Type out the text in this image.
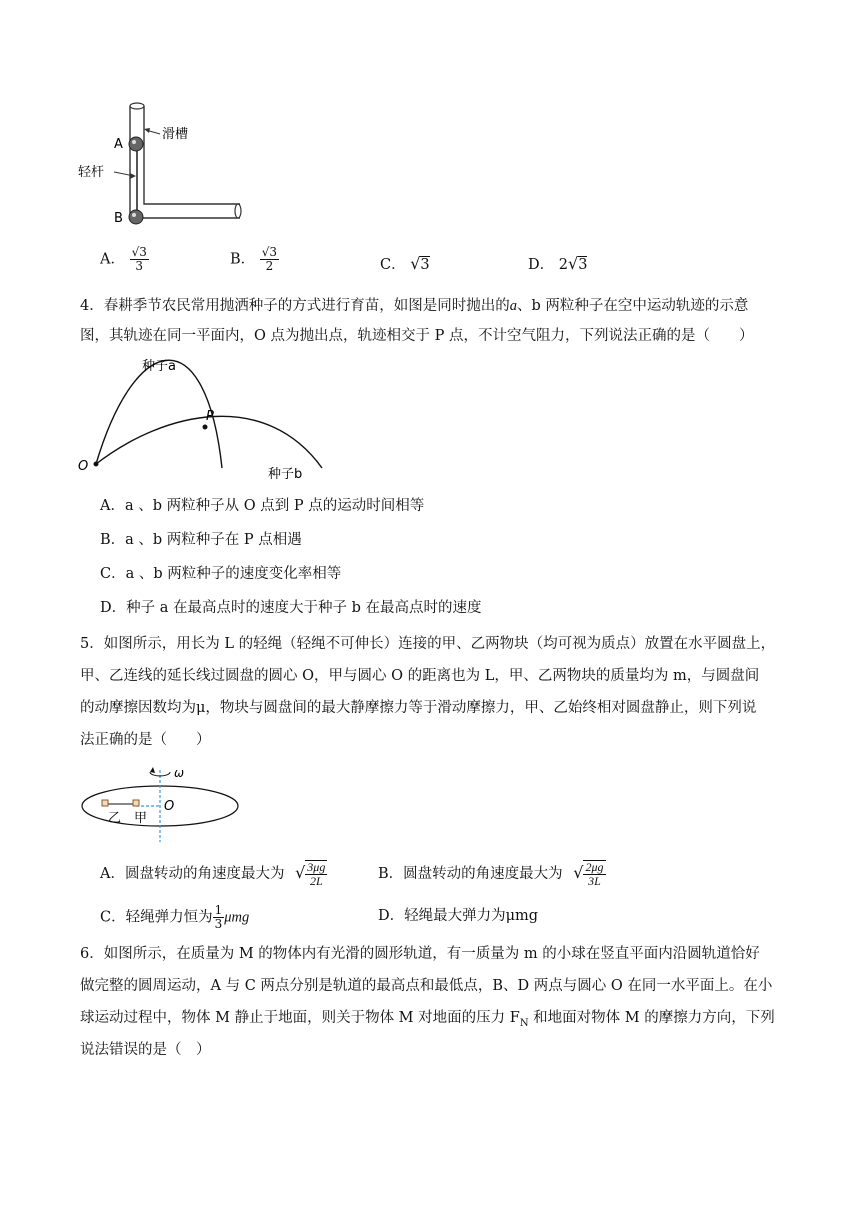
滑槽
轻杆
A
B
A． $\frac{√3}{3}$	B． $\frac{√3}{2}$	C． √3	D． 2√3
4．春耕季节农民常用抛洒种子的方式进行育苗，如图是同时抛出的a、b 两粒种子在空中运动轨迹的示意
图，其轨迹在同一平面内，O 点为抛出点，轨迹相交于 P 点，不计空气阻力，下列说法正确的是（　　）
种子a
种子b
O
P
A．a 、b 两粒种子从 O 点到 P 点的运动时间相等
B．a 、b 两粒种子在 P 点相遇
C．a 、b 两粒种子的速度变化率相等
D．种子 a 在最高点时的速度大于种子 b 在最高点时的速度
5．如图所示，用长为 L 的轻绳（轻绳不可伸长）连接的甲、乙两物块（均可视为质点）放置在水平圆盘上，
甲、乙连线的延长线过圆盘的圆心 O，甲与圆心 O 的距离也为 L，甲、乙两物块的质量均为 m，与圆盘间
的动摩擦因数均为μ，物块与圆盘间的最大静摩擦力等于滑动摩擦力，甲、乙始终相对圆盘静止，则下列说
法正确的是（　　）
ω
O
乙 甲
A．圆盘转动的角速度最大为 √ $\frac{3\mu g}{2L}$	B．圆盘转动的角速度最大为 √ $\frac{2\mu g}{3L}$
C．轻绳弹力恒为 $\frac{1}{3}$ μmg	D．轻绳最大弹力为μmg
6．如图所示，在质量为 M 的物体内有光滑的圆形轨道，有一质量为 m 的小球在竖直平面内沿圆轨道恰好
做完整的圆周运动，A 与 C 两点分别是轨道的最高点和最低点，B、D 两点与圆心 O 在同一水平面上。在小
球运动过程中，物体 M 静止于地面，则关于物体 M 对地面的压力 $F_N$ 和地面对物体 M 的摩擦力方向，下列
说法错误的是（　）
